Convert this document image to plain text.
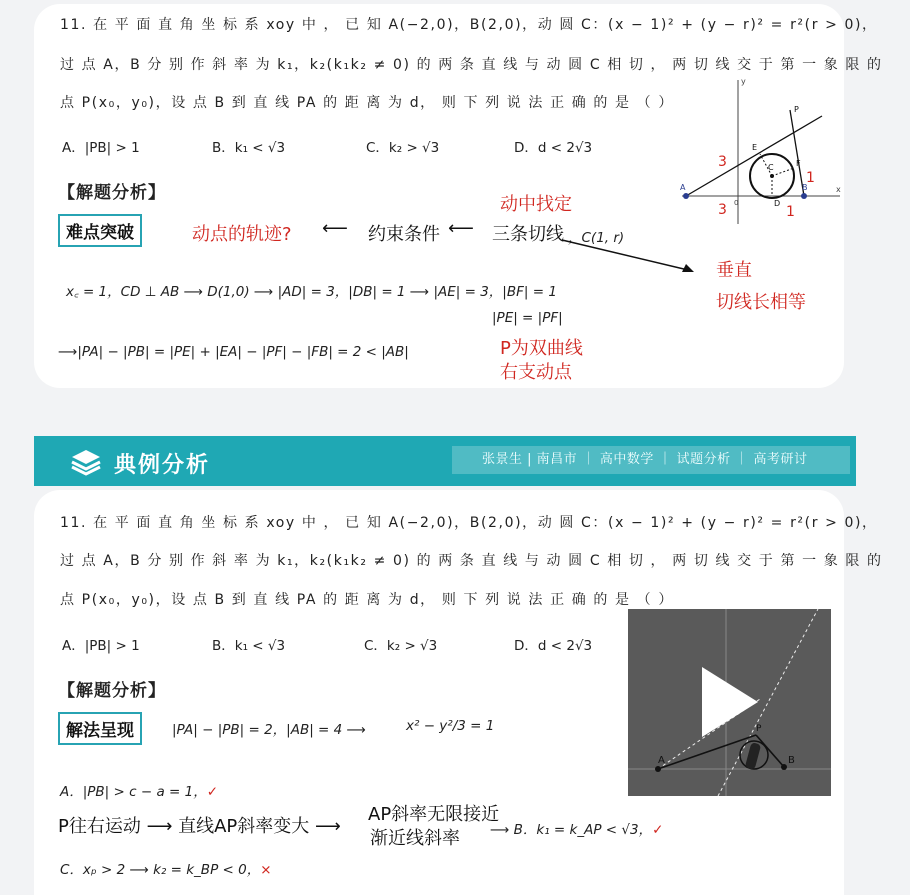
11. 在 平 面 直 角 坐 标 系 xoy 中 ， 已 知 A(−2,0)，B(2,0)，动 圆 C：(x − 1)² + (y − r)² = r²(r > 0)，
过 点 A，B 分 别 作 斜 率 为 k₁，k₂(k₁k₂ ≠ 0) 的 两 条 直 线 与 动 圆 C 相 切 ， 两 切 线 交 于 第 一 象 限 的
点 P(x₀，y₀)，设 点 B 到 直 线 PA 的 距 离 为 d， 则 下 列 说 法 正 确 的 是 （ ）
A．|PB| > 1	B．k₁ < √3	C．k₂ > √3	D．d < 2√3
【解题分析】
难点突破
动中找定
动点的轨迹? ⟵ 约束条件 ⟵ 三条切线 ，C(1, r)
垂直
切线长相等
x꜀ = 1，CD ⊥ AB ⟶ D(1,0) ⟶ |AD| = 3，|DB| = 1 ⟶ |AE| = 3，|BF| = 1
|PE| = |PF|
⟶|PA| − |PB| = |PE| + |EA| − |PF| − |FB| = 2 < |AB|	P为双曲线
右支动点
x
y
A	B
C
D
E
F
P
0
3
3
1
1
典例分析	张景生 | 南昌市 ｜ 高中数学 ｜ 试题分析 ｜ 高考研讨
11. 在 平 面 直 角 坐 标 系 xoy 中 ， 已 知 A(−2,0)，B(2,0)，动 圆 C：(x − 1)² + (y − r)² = r²(r > 0)，
过 点 A，B 分 别 作 斜 率 为 k₁，k₂(k₁k₂ ≠ 0) 的 两 条 直 线 与 动 圆 C 相 切 ， 两 切 线 交 于 第 一 象 限 的
点 P(x₀，y₀)，设 点 B 到 直 线 PA 的 距 离 为 d， 则 下 列 说 法 正 确 的 是 （ ）
A．|PB| > 1	B．k₁ < √3	C．k₂ > √3	D．d < 2√3
【解题分析】
解法呈现	|PA| − |PB| = 2，|AB| = 4 ⟶	x² − y²/3 = 1
A．|PB| > c − a = 1，✓
P往右运动 ⟶ 直线AP斜率变大 ⟶
AP斜率无限接近
渐近线斜率 ⟶ B．k₁ = k_AP < √3，✓
C．xₚ > 2 ⟶ k₂ = k_BP < 0，×
A	B
P
